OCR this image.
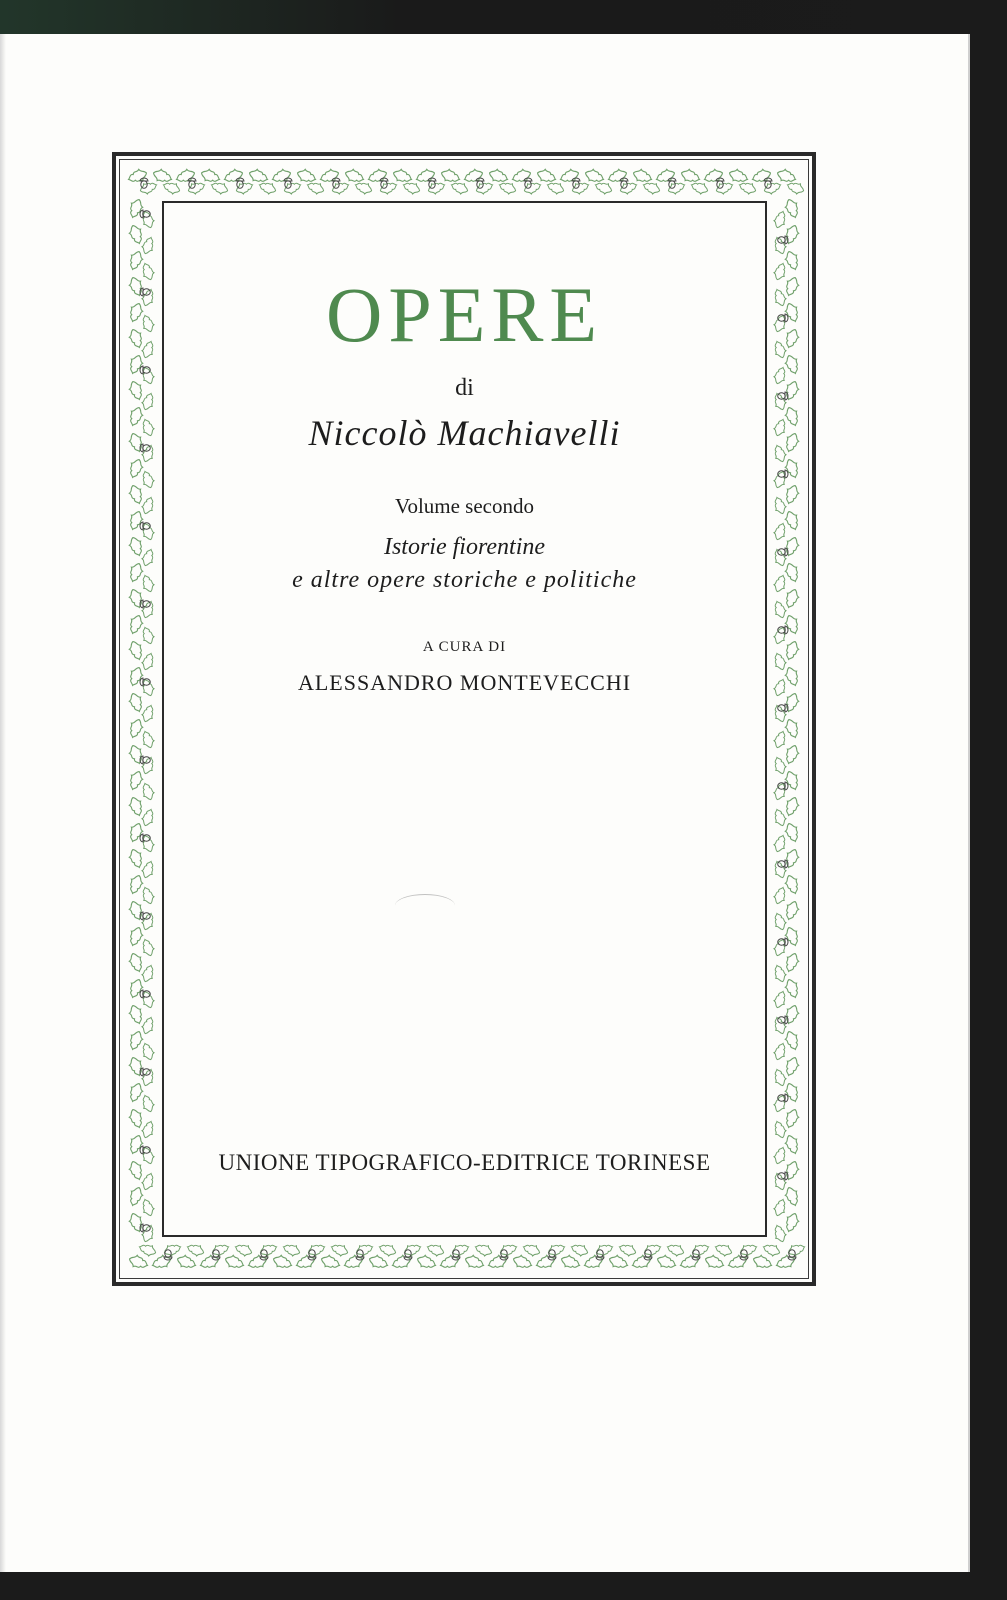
OPERE
di
Niccolò Machiavelli
Volume secondo
Istorie fiorentine
e altre opere storiche e politiche
A CURA DI
ALESSANDRO MONTEVECCHI
UNIONE TIPOGRAFICO-EDITRICE TORINESE
